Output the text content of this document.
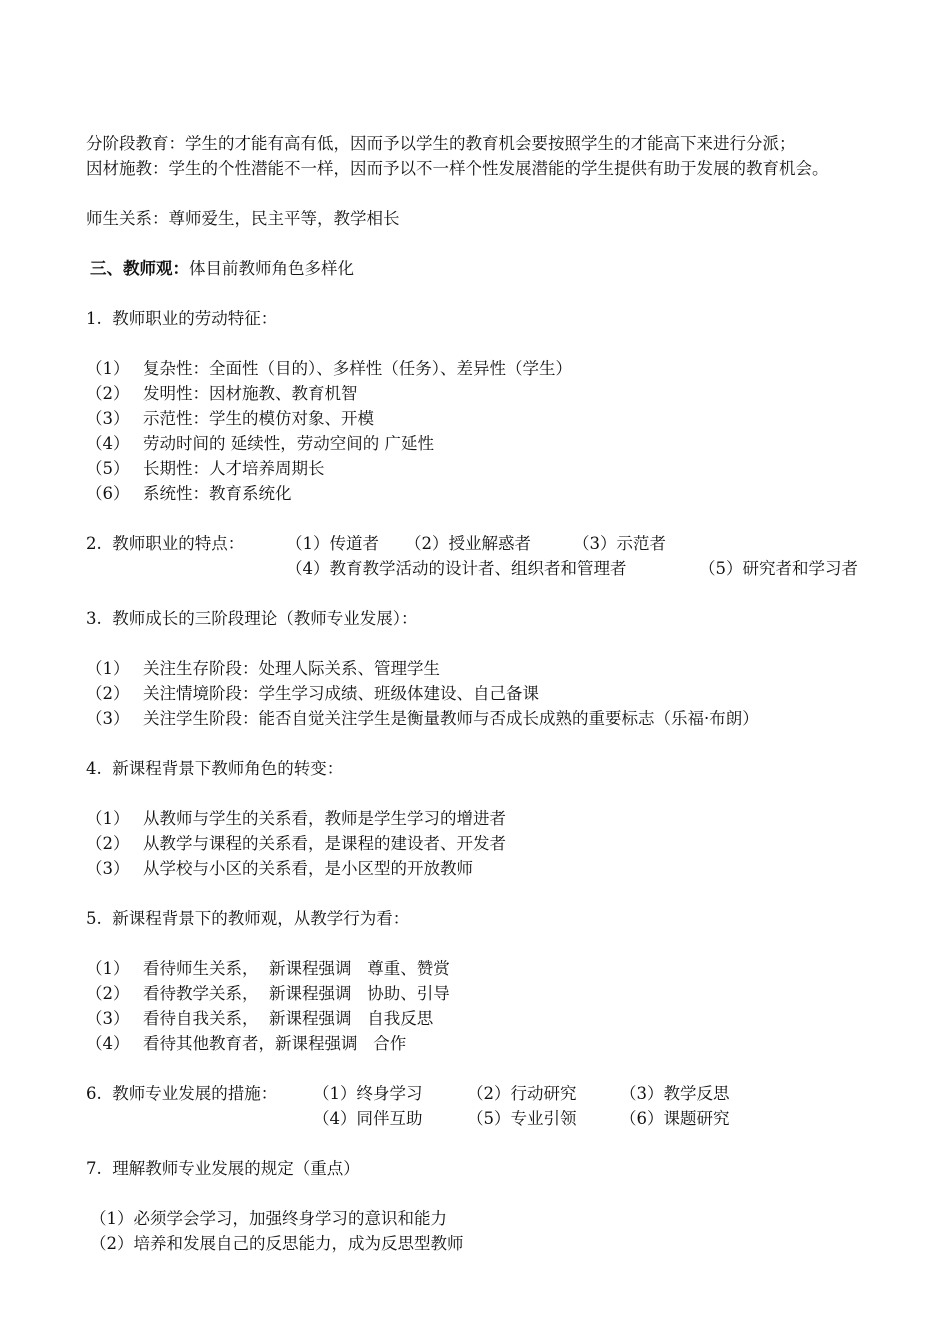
分阶段教育：学生的才能有高有低，因而予以学生的教育机会要按照学生的才能高下来进行分派；
因材施教：学生的个性潜能不一样，因而予以不一样个性发展潜能的学生提供有助于发展的教育机会。
师生关系：尊师爱生，民主平等，教学相长
三、教师观：体目前教师角色多样化
1.  教师职业的劳动特征：
（1） 复杂性：全面性（目的）、多样性（任务）、差异性（学生）
（2） 发明性：因材施教、教育机智
（3） 示范性：学生的模仿对象、开模
（4） 劳动时间的 延续性，劳动空间的 广延性
（5） 长期性：人才培养周期长
（6） 系统性：教育系统化
2.  教师职业的特点：	（1）传道者 （2）授业解惑者	（3）示范者
（4）教育教学活动的设计者、组织者和管理者	（5）研究者和学习者
3.  教师成长的三阶段理论（教师专业发展）：
（1） 关注生存阶段：处理人际关系、管理学生
（2） 关注情境阶段：学生学习成绩、班级体建设、自己备课
（3） 关注学生阶段：能否自觉关注学生是衡量教师与否成长成熟的重要标志（乐福·布朗）
4.  新课程背景下教师角色的转变：
（1） 从教师与学生的关系看，教师是学生学习的增进者
（2） 从教学与课程的关系看，是课程的建设者、开发者
（3） 从学校与小区的关系看，是小区型的开放教师
5.  新课程背景下的教师观，从教学行为看：
（1） 看待师生关系，  新课程强调   尊重、赞赏
（2） 看待教学关系，  新课程强调   协助、引导
（3） 看待自我关系，  新课程强调   自我反思
（4） 看待其他教育者，新课程强调   合作
6.  教师专业发展的措施： （1）终身学习	（2）行动研究	（3）教学反思
（4）同伴互助	（5）专业引领	（6）课题研究
7.  理解教师专业发展的规定（重点）
（1）必须学会学习，加强终身学习的意识和能力
（2）培养和发展自己的反思能力，成为反思型教师
